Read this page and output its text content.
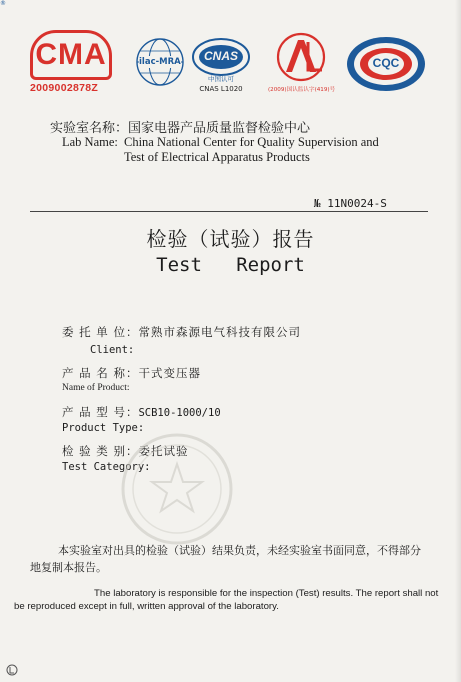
CMA
2009002878Z
ilac-MRA	CNAS
中国认可
CNAS L1020	(2009)国认监认字(419)号
CQC
®
实验室名称：国家电器产品质量监督检验中心
Lab Name: China National Center for Quality Supervision and Test of Electrical Apparatus Products
№ 11N0024-S
检验（试验）报告
Test   Report
委 托 单 位：常熟市森源电气科技有限公司
Client:
产 品 名 称：干式变压器
Name of Product:
产 品 型 号：SCB10-1000/10
Product Type:
检 验 类 别：委托试验
Test Category:
本实验室对出具的检验（试验）结果负责，未经实验室书面同意，不得部分地复制本报告。
The laboratory is responsible for the inspection (Test) results. The report shall not be reproduced except in full, written approval of the laboratory.
